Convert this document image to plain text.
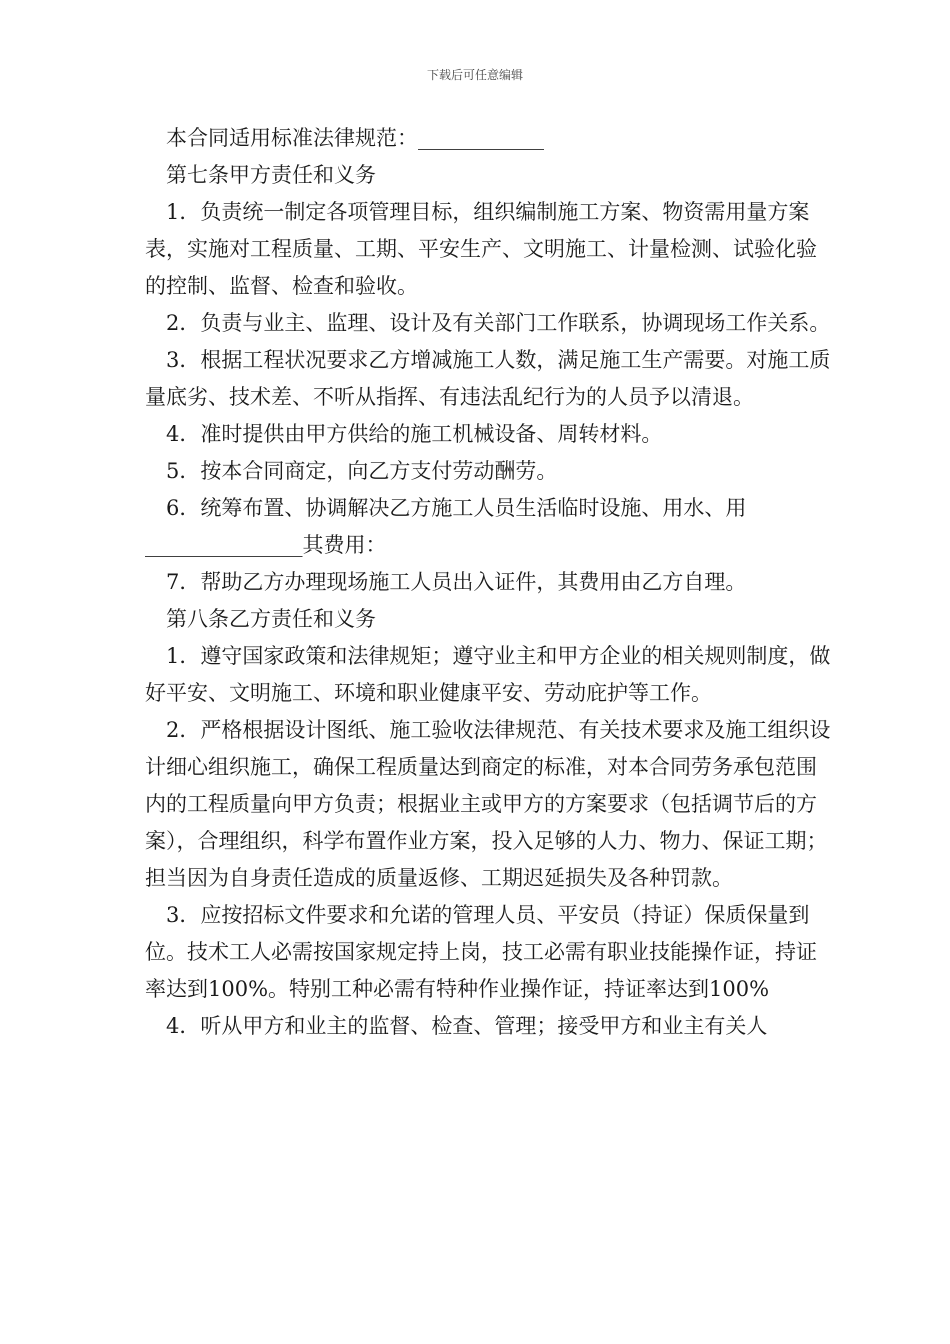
下载后可任意编辑

本合同适用标准法律规范：____________

第七条甲方责任和义务

1．负责统一制定各项管理目标，组织编制施工方案、物资需用量方案表，实施对工程质量、工期、平安生产、文明施工、计量检测、试验化验的控制、监督、检查和验收。

2．负责与业主、监理、设计及有关部门工作联系，协调现场工作关系。

3．根据工程状况要求乙方增减施工人数，满足施工生产需要。对施工质量底劣、技术差、不听从指挥、有违法乱纪行为的人员予以清退。

4．准时提供由甲方供给的施工机械设备、周转材料。

5．按本合同商定，向乙方支付劳动酬劳。

6．统筹布置、协调解决乙方施工人员生活临时设施、用水、用_______________其费用：

7．帮助乙方办理现场施工人员出入证件，其费用由乙方自理。

第八条乙方责任和义务

1．遵守国家政策和法律规矩；遵守业主和甲方企业的相关规则制度，做好平安、文明施工、环境和职业健康平安、劳动庇护等工作。

2．严格根据设计图纸、施工验收法律规范、有关技术要求及施工组织设计细心组织施工，确保工程质量达到商定的标准，对本合同劳务承包范围内的工程质量向甲方负责；根据业主或甲方的方案要求（包括调节后的方案），合理组织，科学布置作业方案，投入足够的人力、物力、保证工期；担当因为自身责任造成的质量返修、工期迟延损失及各种罚款。

3．应按招标文件要求和允诺的管理人员、平安员（持证）保质保量到位。技术工人必需按国家规定持上岗，技工必需有职业技能操作证，持证率达到100%。特别工种必需有特种作业操作证，持证率达到100%

4．听从甲方和业主的监督、检查、管理；接受甲方和业主有关人
